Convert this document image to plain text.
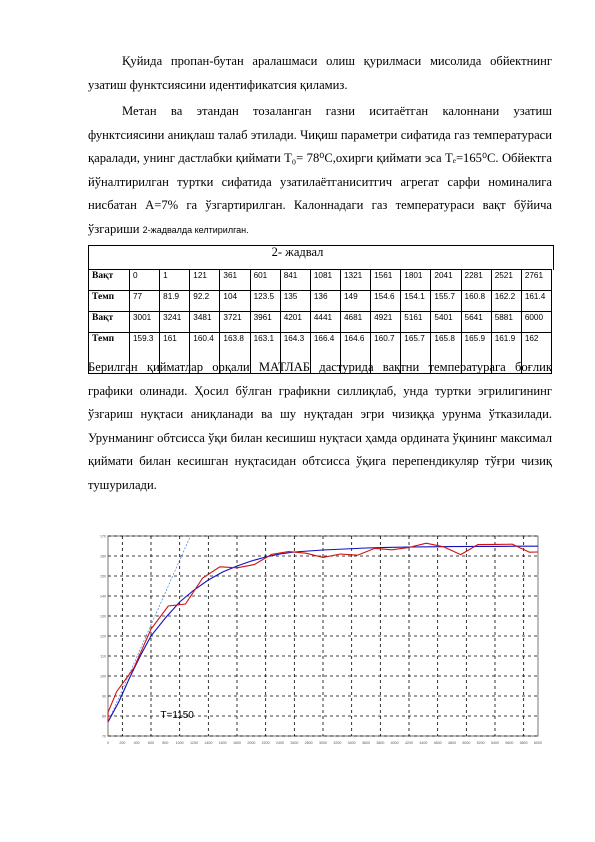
Қуйида пропан-бутан аралашмаси олиш қурилмаси мисолида обйектнинг узатиш функтсиясини идентификатсия қиламиз.
Метан ва этандан тозаланган газни иситаётган калоннани узатиш функтсиясини аниқлаш талаб этилади. Чиқиш параметри сифатида газ температураси қаралади, унинг дастлабки қиймати T₀= 78⁰C,охирги қиймати эса Tₑ=165⁰C. Обйектга йўналтирилган туртки сифатида узатилаётганиситгич агрегат сарфи номиналига нисбатан A=7% га ўзгартирилган. Калоннадаги газ температураси вақт бўйича ўзгариши 2-жадвалда келтирилган.
2- жадвал
Вақт	0	1	121	361	601	841	1081	1321	1561	1801	2041	2281	2521	2761
Темп	77	81.9	92.2	104	123.5	135	136	149	154.6	154.1	155.7	160.8	162.2	161.4
Вақт	3001	3241	3481	3721	3961	4201	4441	4681	4921	5161	5401	5641	5881	6000
Темп	159.3	161	160.4	163.8	163.1	164.3	166.4	164.6	160.7	165.7	165.8	165.9	161.9	162
Берилган қийматлар орқали МАТЛАБ дастурида вақтни температурага боғлиқ графики олинади. Ҳосил бўлган графикни силлиқлаб, унда туртки эгрилигининг ўзгариш нуқтаси аниқланади ва шу нуқтадан эгри чизиққа урунма ўтказилади. Урунманинг обтсисса ўқи билан кесишиш нуқтаси ҳамда ордината ўқининг максимал қиймати билан кесишган нуқтасидан обтсисса ўқига перепендикуляр тўғри чизиқ тушурилади.
0	200 400 600 800 1000 1200 1400 1600 1800 2000 2200 2400 2600 2800 3000 3200 3400 3600 3800 4000 4200 4400 4600 4800 5000 5200 5400 5600 5800 6000
70
80
90
100
110
120
130
140
150
160
170
T=1150
